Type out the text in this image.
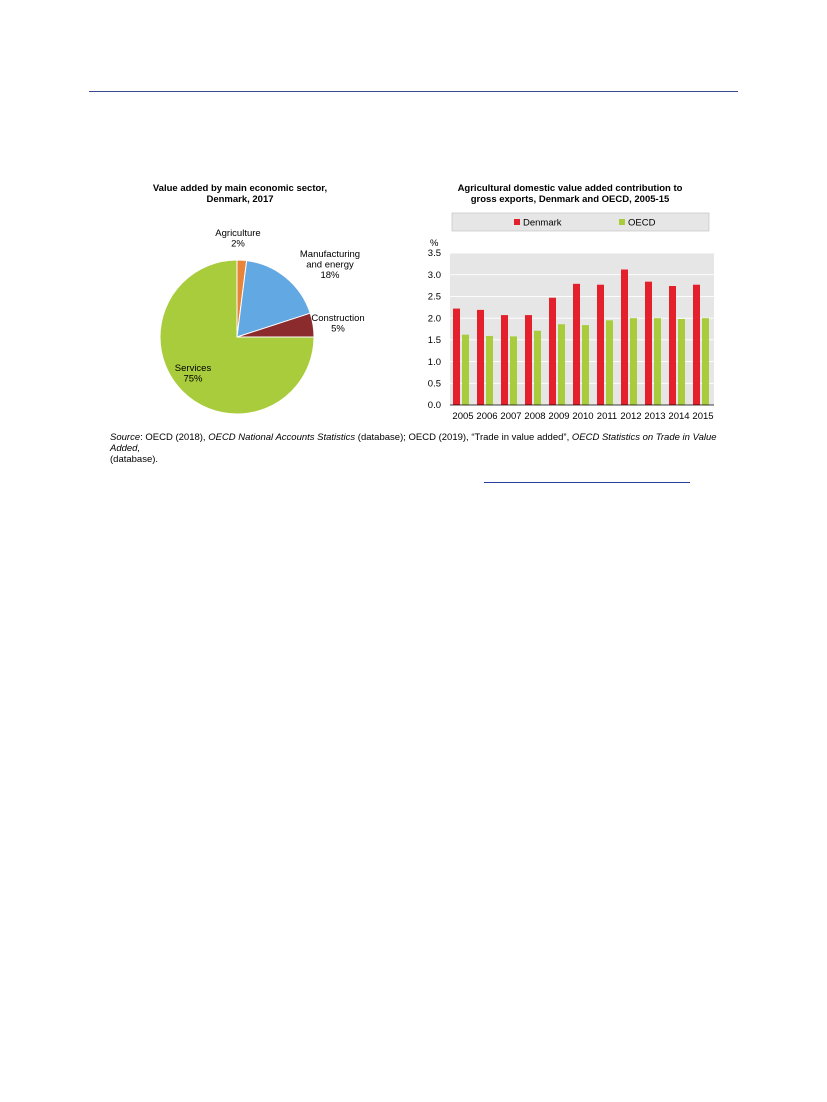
Value added by main economic sector,
Denmark, 2017

Agricultural domestic value added contribution to
gross exports, Denmark and OECD, 2005-15

Agriculture 2%
Manufacturing and energy 18%
Construction 5%
Services 75%
Denmark	OECD
0.0
0.5
1.0
1.5
2.0
2.5
3.0
3.5
%
2005 2006 2007 2008 2009 2010 2011 2012 2013 2014 2015

Source: OECD (2018), OECD National Accounts Statistics (database); OECD (2019), “Trade in value added”, OECD Statistics on Trade in Value Added,
(database).
